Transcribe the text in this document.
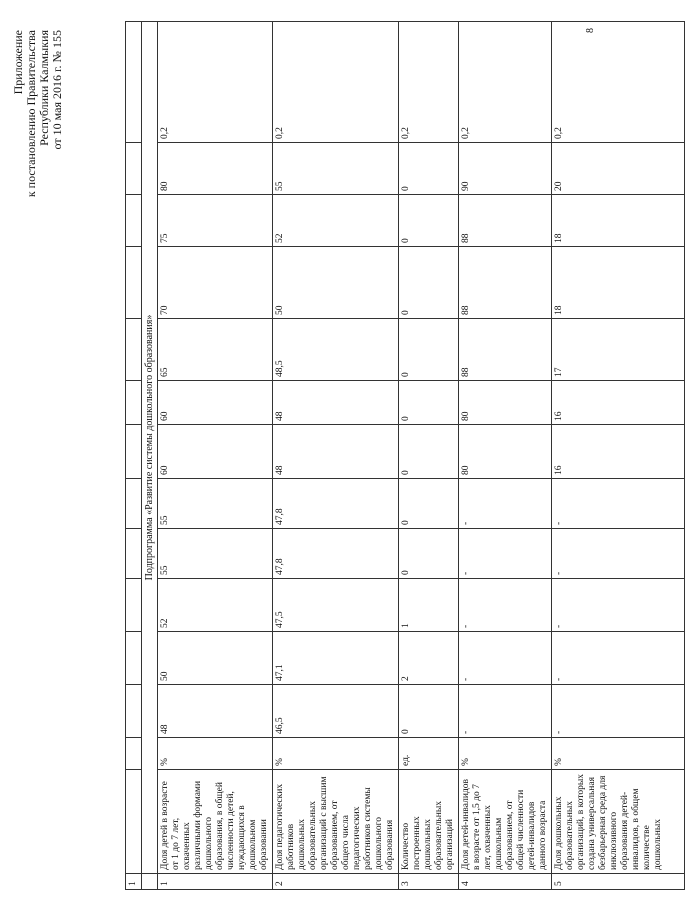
Приложение к постановлению Правительства Республики Калмыкия от 10 мая 2016 г. № 155
1														
	Подпрограмма «Развитие системы дошкольного образования»													
1	Доля детей в возрасте от 1 до 7 лет, охваченных различными формами дошкольного образования, в общей численности детей, нуждающихся в дошкольном образовании	%	48	50	52	55	55	60	60	65	70	75	80	0,2
2	Доля педагогических работников дошкольных образовательных организаций с высшим образованием, от общего числа педагогических работников системы дошкольного образования	%	46,5	47,1	47,5	47,8	47,8	48	48	48,5	50	52	55	0,2
3	Количество построенных дошкольных образовательных организаций	ед.	0	2	1	0	0	0	0	0	0	0	0	0,2
4	Доля детей-инвалидов в возрасте от 1,5 до 7 лет, охваченных дошкольным образованием, от общей численности детей-инвалидов данного возраста	%	-	-	-	-	-	80	80	88	88	88	90	0,2
5	Доля дошкольных образовательных организаций, в которых создана универсальная безбарьерная среда для инклюзивного образования детей-инвалидов, в общем количестве дошкольных	%	-	-	-	-	-	16	16	17	18	18	20	0,2
8
